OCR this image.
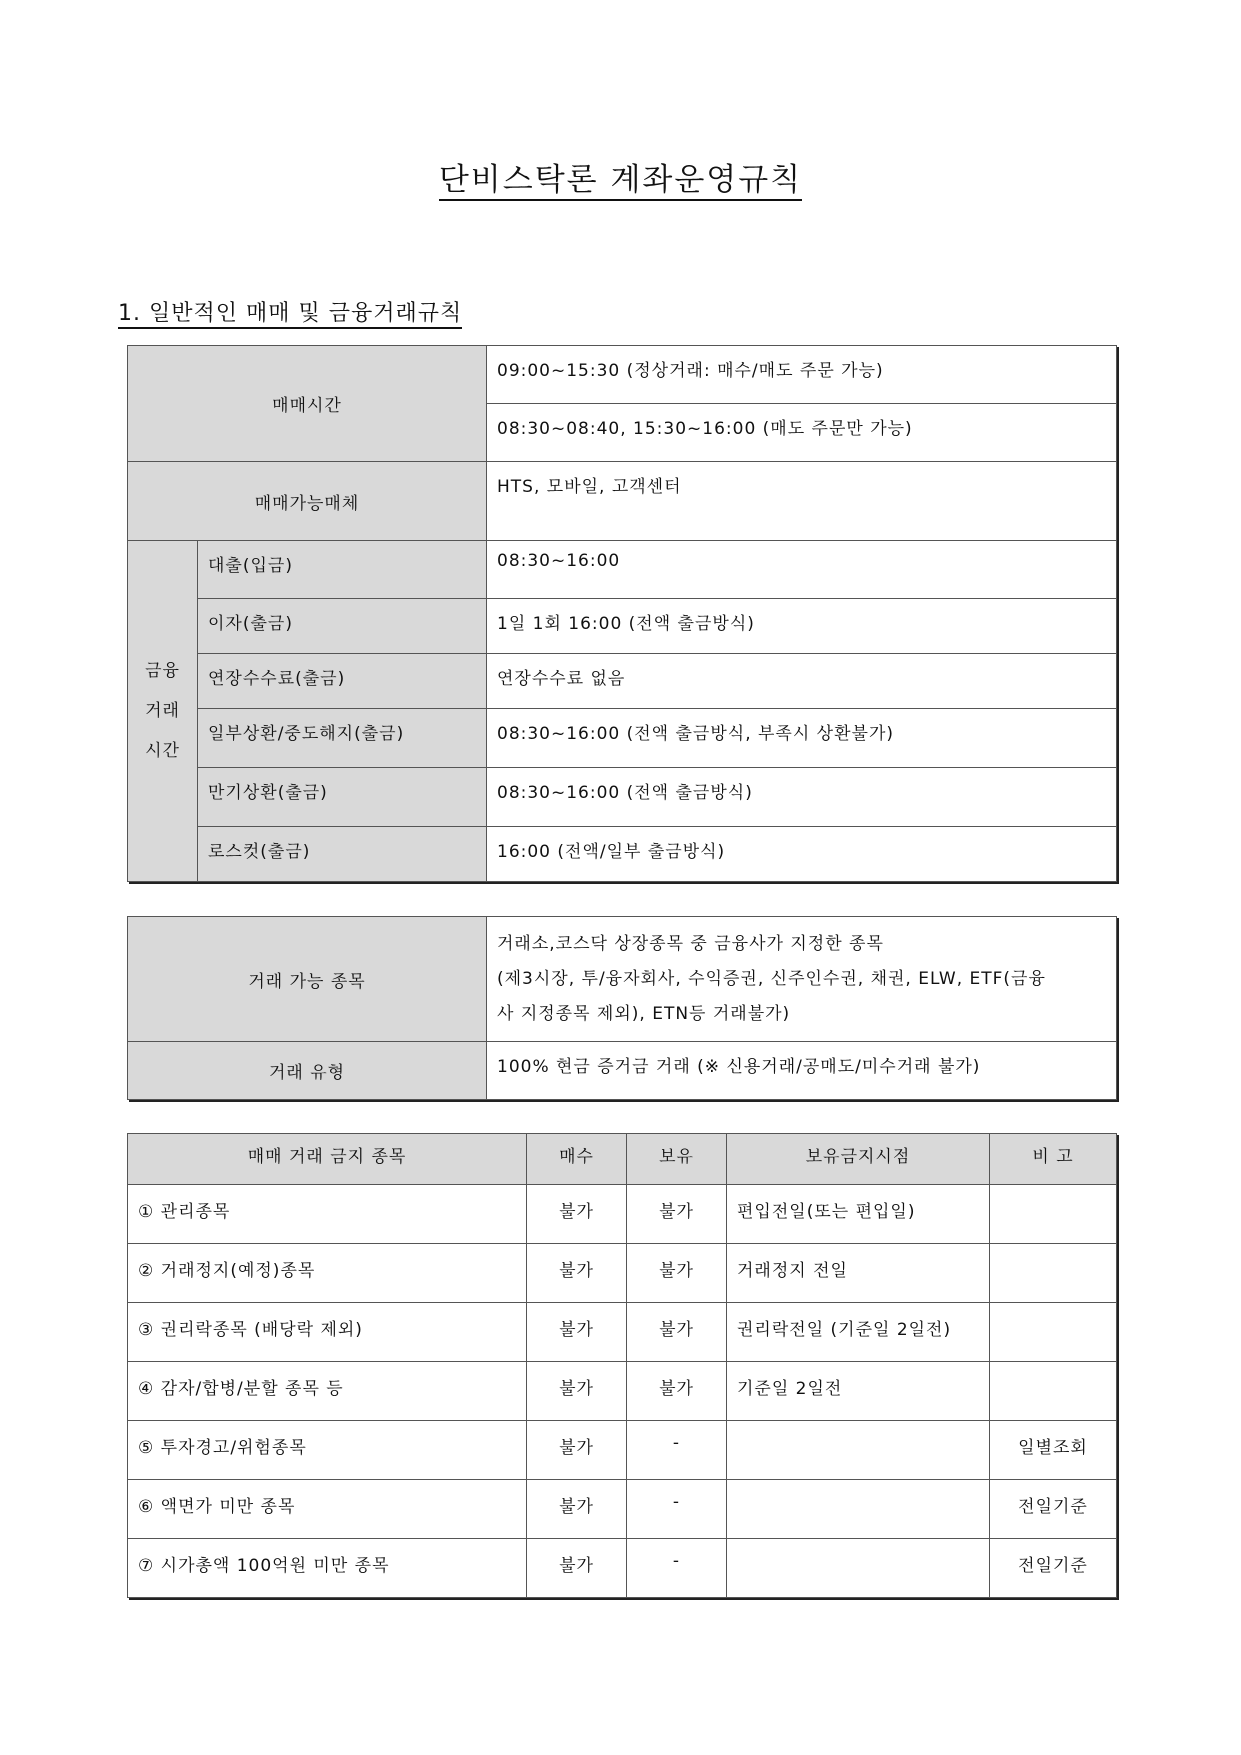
단비스탁론 계좌운영규칙
1. 일반적인 매매 및 금융거래규칙
매매시간		09:00~15:30 (정상거래: 매수/매도 주문 가능)
		08:30~08:40, 15:30~16:00 (매도 주문만 가능)
매매가능매체		HTS, 모바일, 고객센터

금융
거래
시간	대출(입금)	08:30~16:00
	이자(출금)	1일 1회 16:00 (전액 출금방식)
	연장수수료(출금)	연장수수료 없음
	일부상환/중도해지(출금)	08:30~16:00 (전액 출금방식, 부족시 상환불가)
	만기상환(출금)	08:30~16:00 (전액 출금방식)
	로스컷(출금)	16:00 (전액/일부 출금방식)
거래 가능 종목	거래소,코스닥 상장종목 중 금융사가 지정한 종목
(제3시장, 투/융자회사, 수익증권, 신주인수권, 채권, ELW, ETF(금융
사 지정종목 제외), ETN등 거래불가)

거래 유형	100% 현금 증거금 거래 (※ 신용거래/공매도/미수거래 불가)
매매 거래 금지 종목	매수	보유	보유금지시점	비 고
① 관리종목	불가	불가	편입전일(또는 편입일)	
② 거래정지(예정)종목	불가	불가	거래정지 전일	
③ 권리락종목 (배당락 제외)	불가	불가	권리락전일 (기준일 2일전)	
④ 감자/합병/분할 종목 등	불가	불가	기준일 2일전	
⑤ 투자경고/위험종목	불가	-		일별조회
⑥ 액면가 미만 종목	불가	-		전일기준
⑦ 시가총액 100억원 미만 종목	불가	-		전일기준
